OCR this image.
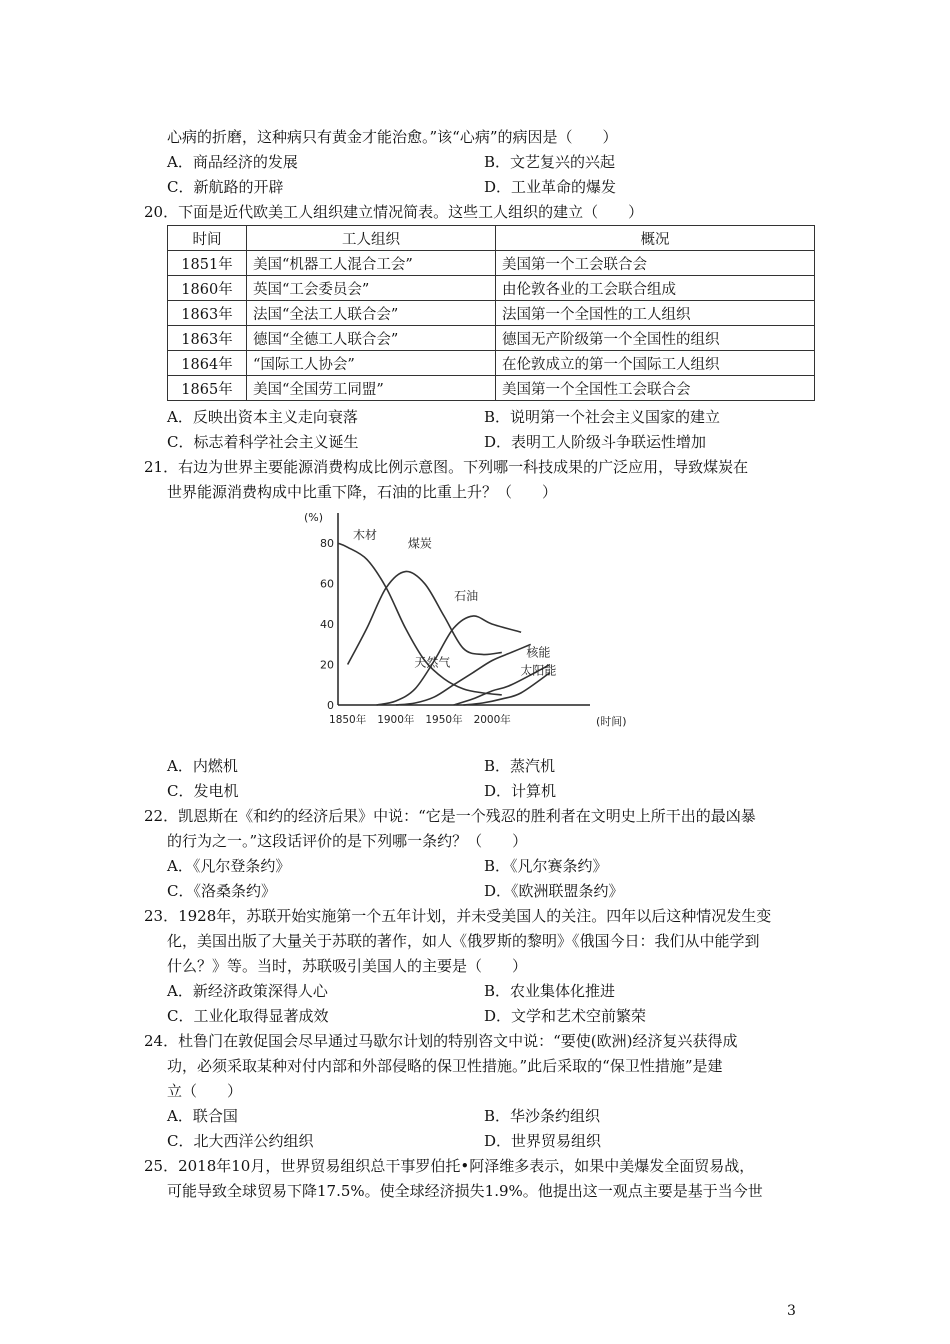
心病的折磨，这种病只有黄金才能治愈。”该“心病”的病因是（　　）
A．商品经济的发展	B．文艺复兴的兴起
C．新航路的开辟	D．工业革命的爆发
20．下面是近代欧美工人组织建立情况简表。这些工人组织的建立（　　）
时间	工人组织	概况
1851年	美国“机器工人混合工会”	美国第一个工会联合会
1860年	英国“工会委员会”	由伦敦各业的工会联合组成
1863年	法国“全法工人联合会”	法国第一个全国性的工人组织
1863年	德国“全德工人联合会”	德国无产阶级第一个全国性的组织
1864年	“国际工人协会”	在伦敦成立的第一个国际工人组织
1865年	美国“全国劳工同盟”	美国第一个全国性工会联合会
A．反映出资本主义走向衰落	B．说明第一个社会主义国家的建立
C．标志着科学社会主义诞生	D．表明工人阶级斗争联运性增加
21．右边为世界主要能源消费构成比例示意图。下列哪一科技成果的广泛应用，导致煤炭在
世界能源消费构成中比重下降，石油的比重上升？（　　）
(%)
(时间)
0
20
40
60
80
1850年 1900年 1950年 2000年
木材
煤炭
石油
天然气
核能
太阳能
A．内燃机	B．蒸汽机
C．发电机	D．计算机
22．凯恩斯在《和约的经济后果》中说：“它是一个残忍的胜利者在文明史上所干出的最凶暴
的行为之一。”这段话评价的是下列哪一条约？（　　）
A．《凡尔登条约》	B．《凡尔赛条约》
C．《洛桑条约》	D．《欧洲联盟条约》
23．1928年，苏联开始实施第一个五年计划，并未受美国人的关注。四年以后这种情况发生变
化，美国出版了大量关于苏联的著作，如人《俄罗斯的黎明》《俄国今日：我们从中能学到
什么？》等。当时，苏联吸引美国人的主要是（　　）
A．新经济政策深得人心	B．农业集体化推进
C．工业化取得显著成效	D．文学和艺术空前繁荣
24．杜鲁门在敦促国会尽早通过马歇尔计划的特别咨文中说：“要使(欧洲)经济复兴获得成
功，必须采取某种对付内部和外部侵略的保卫性措施。”此后采取的“保卫性措施”是建
立（　　）
A．联合国	B．华沙条约组织
C．北大西洋公约组织	D．世界贸易组织
25．2018年10月，世界贸易组织总干事罗伯托•阿泽维多表示，如果中美爆发全面贸易战，
可能导致全球贸易下降17.5%。使全球经济损失1.9%。他提出这一观点主要是基于当今世
3
